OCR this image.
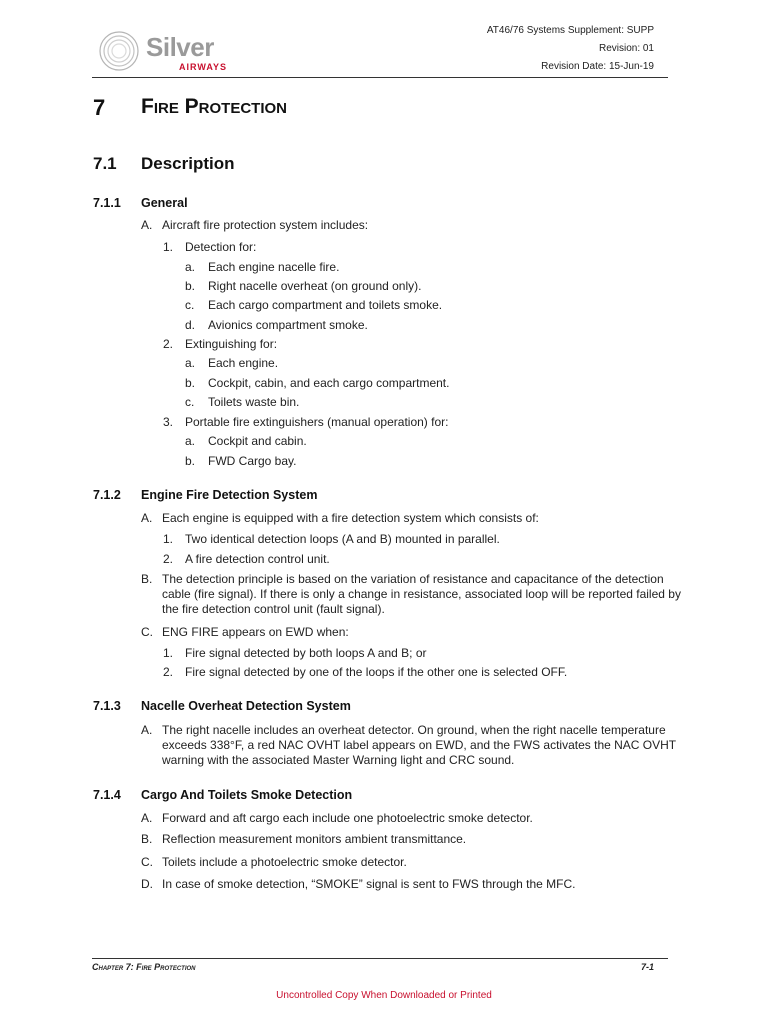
Silver
AIRWAYS
AT46/76 Systems Supplement: SUPP
Revision: 01
Revision Date: 15-Jun-19
7 Fire Protection
7.1 Description
7.1.1 General
A. Aircraft fire protection system includes:
1. Detection for:
a. Each engine nacelle fire.
b. Right nacelle overheat (on ground only).
c. Each cargo compartment and toilets smoke.
d. Avionics compartment smoke.
2. Extinguishing for:
a. Each engine.
b. Cockpit, cabin, and each cargo compartment.
c. Toilets waste bin.
3. Portable fire extinguishers (manual operation) for:
a. Cockpit and cabin.
b. FWD Cargo bay.
7.1.2 Engine Fire Detection System
A. Each engine is equipped with a fire detection system which consists of:
1. Two identical detection loops (A and B) mounted in parallel.
2. A fire detection control unit.
B. The detection principle is based on the variation of resistance and capacitance of the detection cable (fire signal). If there is only a change in resistance, associated loop will be reported failed by the fire detection control unit (fault signal).
C. ENG FIRE appears on EWD when:
1. Fire signal detected by both loops A and B; or
2. Fire signal detected by one of the loops if the other one is selected OFF.
7.1.3 Nacelle Overheat Detection System
A. The right nacelle includes an overheat detector. On ground, when the right nacelle temperature exceeds 338°F, a red NAC OVHT label appears on EWD, and the FWS activates the NAC OVHT warning with the associated Master Warning light and CRC sound.
7.1.4 Cargo And Toilets Smoke Detection
A. Forward and aft cargo each include one photoelectric smoke detector.
B. Reflection measurement monitors ambient transmittance.
C. Toilets include a photoelectric smoke detector.
D. In case of smoke detection, “SMOKE” signal is sent to FWS through the MFC.
Chapter 7: Fire Protection	7-1
Uncontrolled Copy When Downloaded or Printed
